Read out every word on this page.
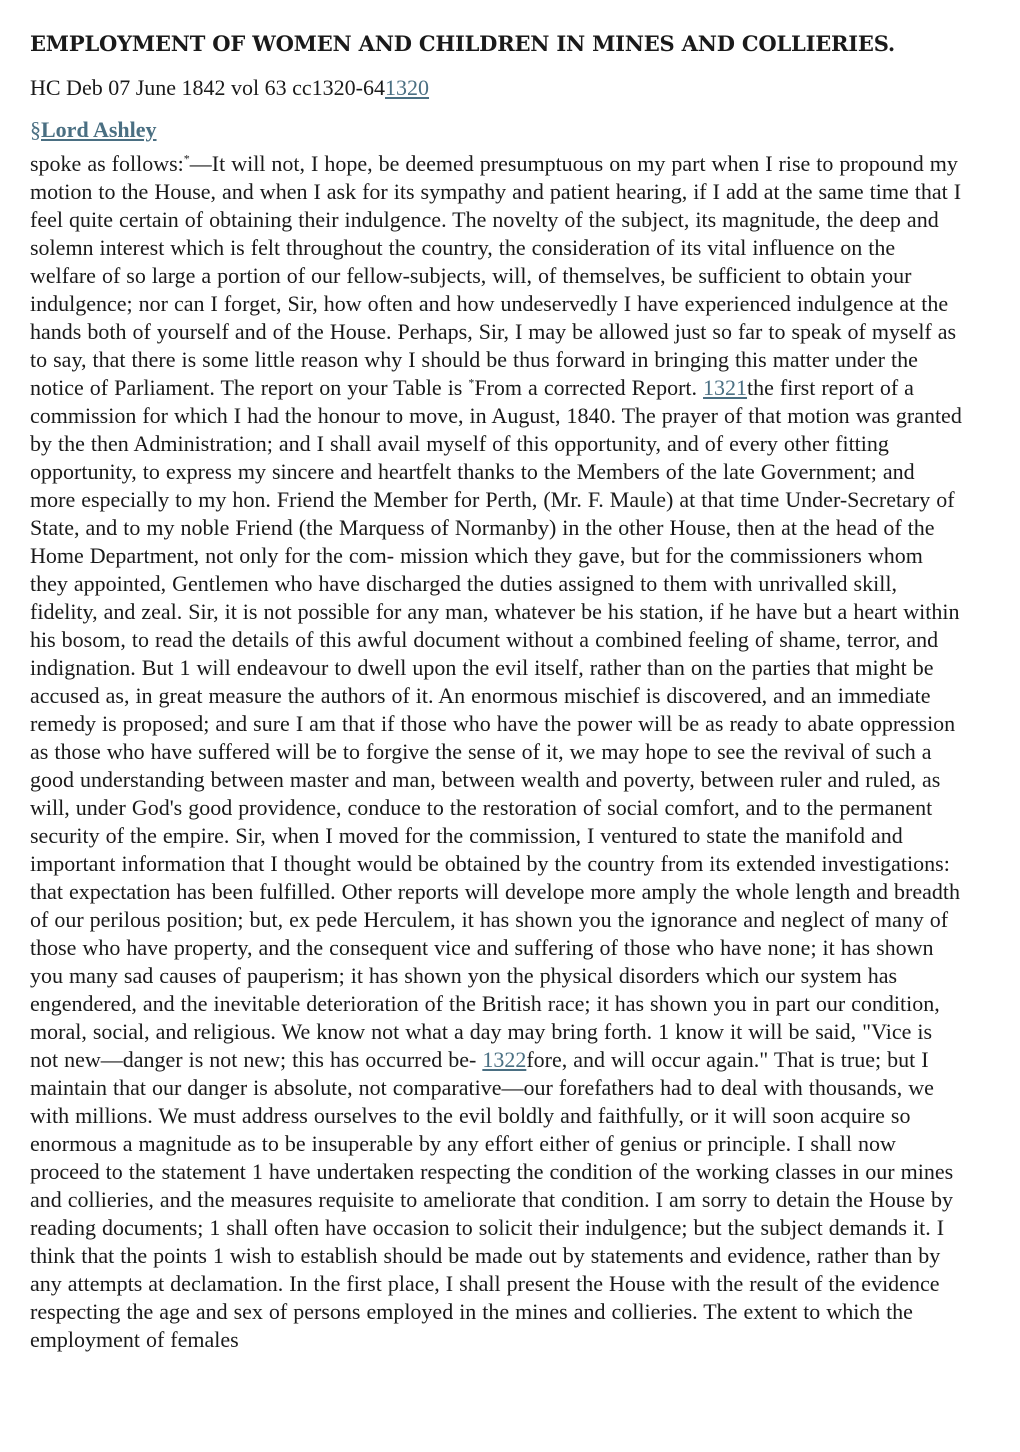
EMPLOYMENT OF WOMEN AND CHILDREN IN MINES AND COLLIERIES.
HC Deb 07 June 1842 vol 63 cc1320-641320
§Lord Ashley

spoke as follows:*—It will not, I hope, be deemed presumptuous on my part when I rise to propound my motion to the House, and when I ask for its sympathy and patient hearing, if I add at the same time that I feel quite certain of obtaining their indulgence. The novelty of the subject, its magnitude, the deep and solemn interest which is felt throughout the country, the consideration of its vital influence on the welfare of so large a portion of our fellow-subjects, will, of themselves, be sufficient to obtain your indulgence; nor can I forget, Sir, how often and how undeservedly I have experienced indulgence at the hands both of yourself and of the House. Perhaps, Sir, I may be allowed just so far to speak of myself as to say, that there is some little reason why I should be thus forward in bringing this matter under the notice of Parliament. The report on your Table is *From a corrected Report. 1321the first report of a commission for which I had the honour to move, in August, 1840. The prayer of that motion was granted by the then Administration; and I shall avail myself of this opportunity, and of every other fitting opportunity, to express my sincere and heartfelt thanks to the Members of the late Government; and more especially to my hon. Friend the Member for Perth, (Mr. F. Maule) at that time Under-Secretary of State, and to my noble Friend (the Marquess of Normanby) in the other House, then at the head of the Home Department, not only for the com- mission which they gave, but for the commissioners whom they appointed, Gentlemen who have discharged the duties assigned to them with unrivalled skill, fidelity, and zeal. Sir, it is not possible for any man, whatever be his station, if he have but a heart within his bosom, to read the details of this awful document without a combined feeling of shame, terror, and indignation. But 1 will endeavour to dwell upon the evil itself, rather than on the parties that might be accused as, in great measure the authors of it. An enormous mischief is discovered, and an immediate remedy is proposed; and sure I am that if those who have the power will be as ready to abate oppression as those who have suffered will be to forgive the sense of it, we may hope to see the revival of such a good understanding between master and man, between wealth and poverty, between ruler and ruled, as will, under God's good providence, conduce to the restoration of social comfort, and to the permanent security of the empire. Sir, when I moved for the commission, I ventured to state the manifold and important information that I thought would be obtained by the country from its extended investigations: that expectation has been fulfilled. Other reports will develope more amply the whole length and breadth of our perilous position; but, ex pede Herculem, it has shown you the ignorance and neglect of many of those who have property, and the consequent vice and suffering of those who have none; it has shown you many sad causes of pauperism; it has shown yon the physical disorders which our system has engendered, and the inevitable deterioration of the British race; it has shown you in part our condition, moral, social, and religious. We know not what a day may bring forth. 1 know it will be said, "Vice is not new—danger is not new; this has occurred be- 1322fore, and will occur again." That is true; but I maintain that our danger is absolute, not comparative—our forefathers had to deal with thousands, we with millions. We must address ourselves to the evil boldly and faithfully, or it will soon acquire so enormous a magnitude as to be insuperable by any effort either of genius or principle. I shall now proceed to the statement 1 have undertaken respecting the condition of the working classes in our mines and collieries, and the measures requisite to ameliorate that condition. I am sorry to detain the House by reading documents; 1 shall often have occasion to solicit their indulgence; but the subject demands it. I think that the points 1 wish to establish should be made out by statements and evidence, rather than by any attempts at declamation. In the first place, I shall present the House with the result of the evidence respecting the age and sex of persons employed in the mines and collieries. The extent to which the employment of females
